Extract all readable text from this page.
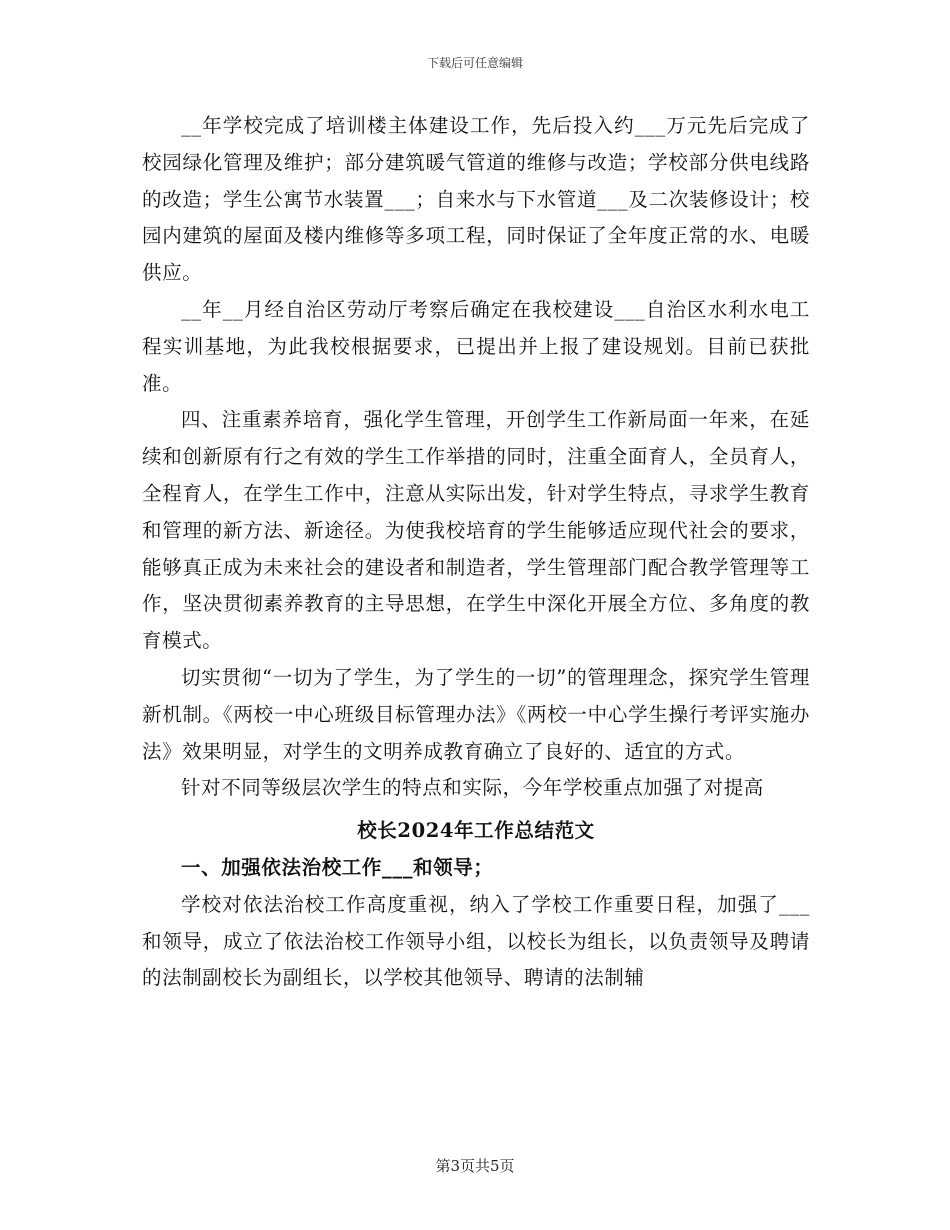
下载后可任意编辑

__年学校完成了培训楼主体建设工作，先后投入约___万元先后完成了校园绿化管理及维护；部分建筑暖气管道的维修与改造；学校部分供电线路的改造；学生公寓节水装置___；自来水与下水管道___及二次装修设计；校园内建筑的屋面及楼内维修等多项工程，同时保证了全年度正常的水、电暖供应。

__年__月经自治区劳动厅考察后确定在我校建设___自治区水利水电工程实训基地，为此我校根据要求，已提出并上报了建设规划。目前已获批准。

四、注重素养培育，强化学生管理，开创学生工作新局面一年来，在延续和创新原有行之有效的学生工作举措的同时，注重全面育人，全员育人，全程育人，在学生工作中，注意从实际出发，针对学生特点，寻求学生教育和管理的新方法、新途径。为使我校培育的学生能够适应现代社会的要求，能够真正成为未来社会的建设者和制造者，学生管理部门配合教学管理等工作，坚决贯彻素养教育的主导思想，在学生中深化开展全方位、多角度的教育模式。

切实贯彻“一切为了学生，为了学生的一切”的管理理念，探究学生管理新机制。《两校一中心班级目标管理办法》《两校一中心学生操行考评实施办法》效果明显，对学生的文明养成教育确立了良好的、适宜的方式。

针对不同等级层次学生的特点和实际，今年学校重点加强了对提高

校长2024年工作总结范文

一、加强依法治校工作___和领导；

学校对依法治校工作高度重视，纳入了学校工作重要日程，加强了___和领导，成立了依法治校工作领导小组，以校长为组长，以负责领导及聘请的法制副校长为副组长，以学校其他领导、聘请的法制辅

第3页共5页
